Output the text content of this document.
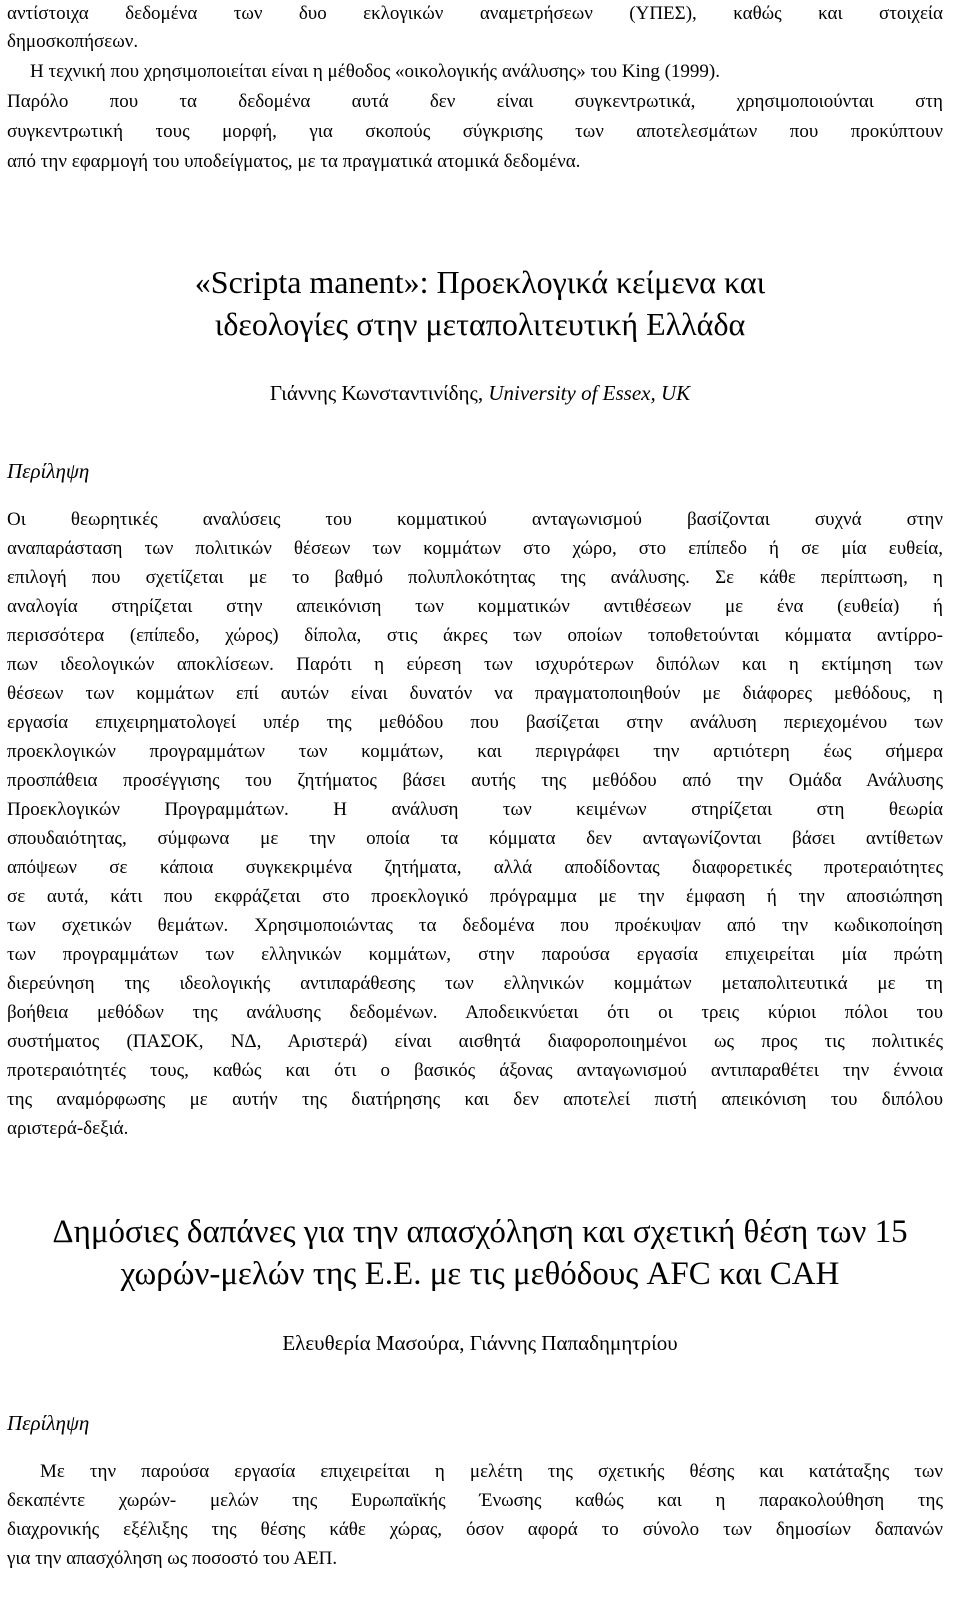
αντίστοιχα δεδομένα των δυο εκλογικών αναμετρήσεων (ΥΠΕΣ), καθώς και στοιχεία
δημοσκοπήσεων.
Η τεχνική που χρησιμοποιείται είναι η μέθοδος «οικολογικής ανάλυσης» του King (1999).
Παρόλο που τα δεδομένα αυτά δεν είναι συγκεντρωτικά, χρησιμοποιούνται στη
συγκεντρωτική τους μορφή, για σκοπούς σύγκρισης των αποτελεσμάτων που προκύπτουν
από την εφαρμογή του υποδείγματος, με τα πραγματικά ατομικά δεδομένα.
«Scripta manent»: Προεκλογικά κείμενα και
ιδεολογίες στην μεταπολιτευτική Ελλάδα
Γιάννης Κωνσταντινίδης, University of Essex, UK
Περίληψη
Οι θεωρητικές αναλύσεις του κομματικού ανταγωνισμού βασίζονται συχνά στην
αναπαράσταση των πολιτικών θέσεων των κομμάτων στο χώρο, στο επίπεδο ή σε μία ευθεία,
επιλογή που σχετίζεται με το βαθμό πολυπλοκότητας της ανάλυσης. Σε κάθε περίπτωση, η
αναλογία στηρίζεται στην απεικόνιση των κομματικών αντιθέσεων με ένα (ευθεία) ή
περισσότερα (επίπεδο, χώρος) δίπολα, στις άκρες των οποίων τοποθετούνται κόμματα αντίρρο-
πων ιδεολογικών αποκλίσεων. Παρότι η εύρεση των ισχυρότερων διπόλων και η εκτίμηση των
θέσεων των κομμάτων επί αυτών είναι δυνατόν να πραγματοποιηθούν με διάφορες μεθόδους, η
εργασία επιχειρηματολογεί υπέρ της μεθόδου που βασίζεται στην ανάλυση περιεχομένου των
προεκλογικών προγραμμάτων των κομμάτων, και περιγράφει την αρτιότερη έως σήμερα
προσπάθεια προσέγγισης του ζητήματος βάσει αυτής της μεθόδου από την Ομάδα Ανάλυσης
Προεκλογικών Προγραμμάτων. Η ανάλυση των κειμένων στηρίζεται στη θεωρία
σπουδαιότητας, σύμφωνα με την οποία τα κόμματα δεν ανταγωνίζονται βάσει αντίθετων
απόψεων σε κάποια συγκεκριμένα ζητήματα, αλλά αποδίδοντας διαφορετικές προτεραιότητες
σε αυτά, κάτι που εκφράζεται στο προεκλογικό πρόγραμμα με την έμφαση ή την αποσιώπηση
των σχετικών θεμάτων. Χρησιμοποιώντας τα δεδομένα που προέκυψαν από την κωδικοποίηση
των προγραμμάτων των ελληνικών κομμάτων, στην παρούσα εργασία επιχειρείται μία πρώτη
διερεύνηση της ιδεολογικής αντιπαράθεσης των ελληνικών κομμάτων μεταπολιτευτικά με τη
βοήθεια μεθόδων της ανάλυσης δεδομένων. Αποδεικνύεται ότι οι τρεις κύριοι πόλοι του
συστήματος (ΠΑΣΟΚ, ΝΔ, Αριστερά) είναι αισθητά διαφοροποιημένοι ως προς τις πολιτικές
προτεραιότητές τους, καθώς και ότι ο βασικός άξονας ανταγωνισμού αντιπαραθέτει την έννοια
της αναμόρφωσης με αυτήν της διατήρησης και δεν αποτελεί πιστή απεικόνιση του διπόλου
αριστερά-δεξιά.
Δημόσιες δαπάνες για την απασχόληση και σχετική θέση των 15
χωρών-μελών της Ε.Ε. με τις μεθόδους AFC και CAH
Ελευθερία Μασούρα, Γιάννης Παπαδημητρίου
Περίληψη
Με την παρούσα εργασία επιχειρείται η μελέτη της σχετικής θέσης και κατάταξης των
δεκαπέντε χωρών- μελών της Ευρωπαϊκής Ένωσης καθώς και η παρακολούθηση της
διαχρονικής εξέλιξης της θέσης κάθε χώρας, όσον αφορά το σύνολο των δημοσίων δαπανών
για την απασχόληση ως ποσοστό του ΑΕΠ.
